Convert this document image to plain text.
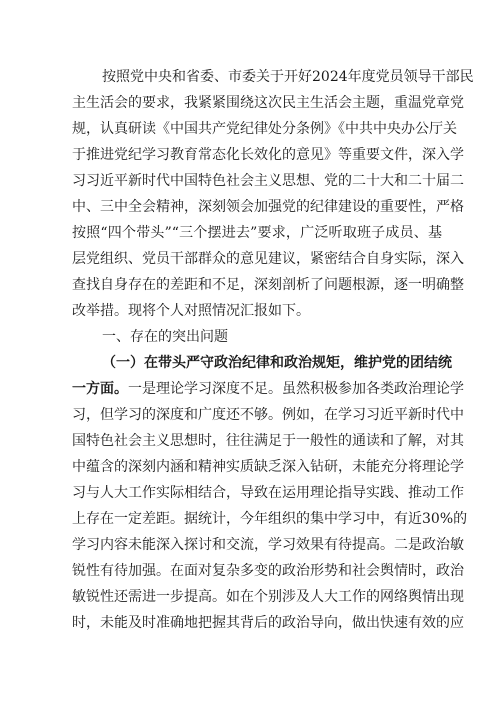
按照党中央和省委、市委关于开好2024年度党员领导干部民
主生活会的要求，我紧紧围绕这次民主生活会主题，重温党章党
规，认真研读《中国共产党纪律处分条例》《中共中央办公厅关
于推进党纪学习教育常态化长效化的意见》等重要文件，深入学
习习近平新时代中国特色社会主义思想、党的二十大和二十届二
中、三中全会精神，深刻领会加强党的纪律建设的重要性，严格
按照“四个带头”“三个摆进去”要求，广泛听取班子成员、基
层党组织、党员干部群众的意见建议，紧密结合自身实际，深入
查找自身存在的差距和不足，深刻剖析了问题根源，逐一明确整
改举措。现将个人对照情况汇报如下。
一、存在的突出问题
（一）在带头严守政治纪律和政治规矩，维护党的团结统
一方面。一是理论学习深度不足。虽然积极参加各类政治理论学
习，但学习的深度和广度还不够。例如，在学习习近平新时代中
国特色社会主义思想时，往往满足于一般性的通读和了解，对其
中蕴含的深刻内涵和精神实质缺乏深入钻研，未能充分将理论学
习与人大工作实际相结合，导致在运用理论指导实践、推动工作
上存在一定差距。据统计，今年组织的集中学习中，有近30%的
学习内容未能深入探讨和交流，学习效果有待提高。二是政治敏
锐性有待加强。在面对复杂多变的政治形势和社会舆情时，政治
敏锐性还需进一步提高。如在个别涉及人大工作的网络舆情出现
时，未能及时准确地把握其背后的政治导向，做出快速有效的应
